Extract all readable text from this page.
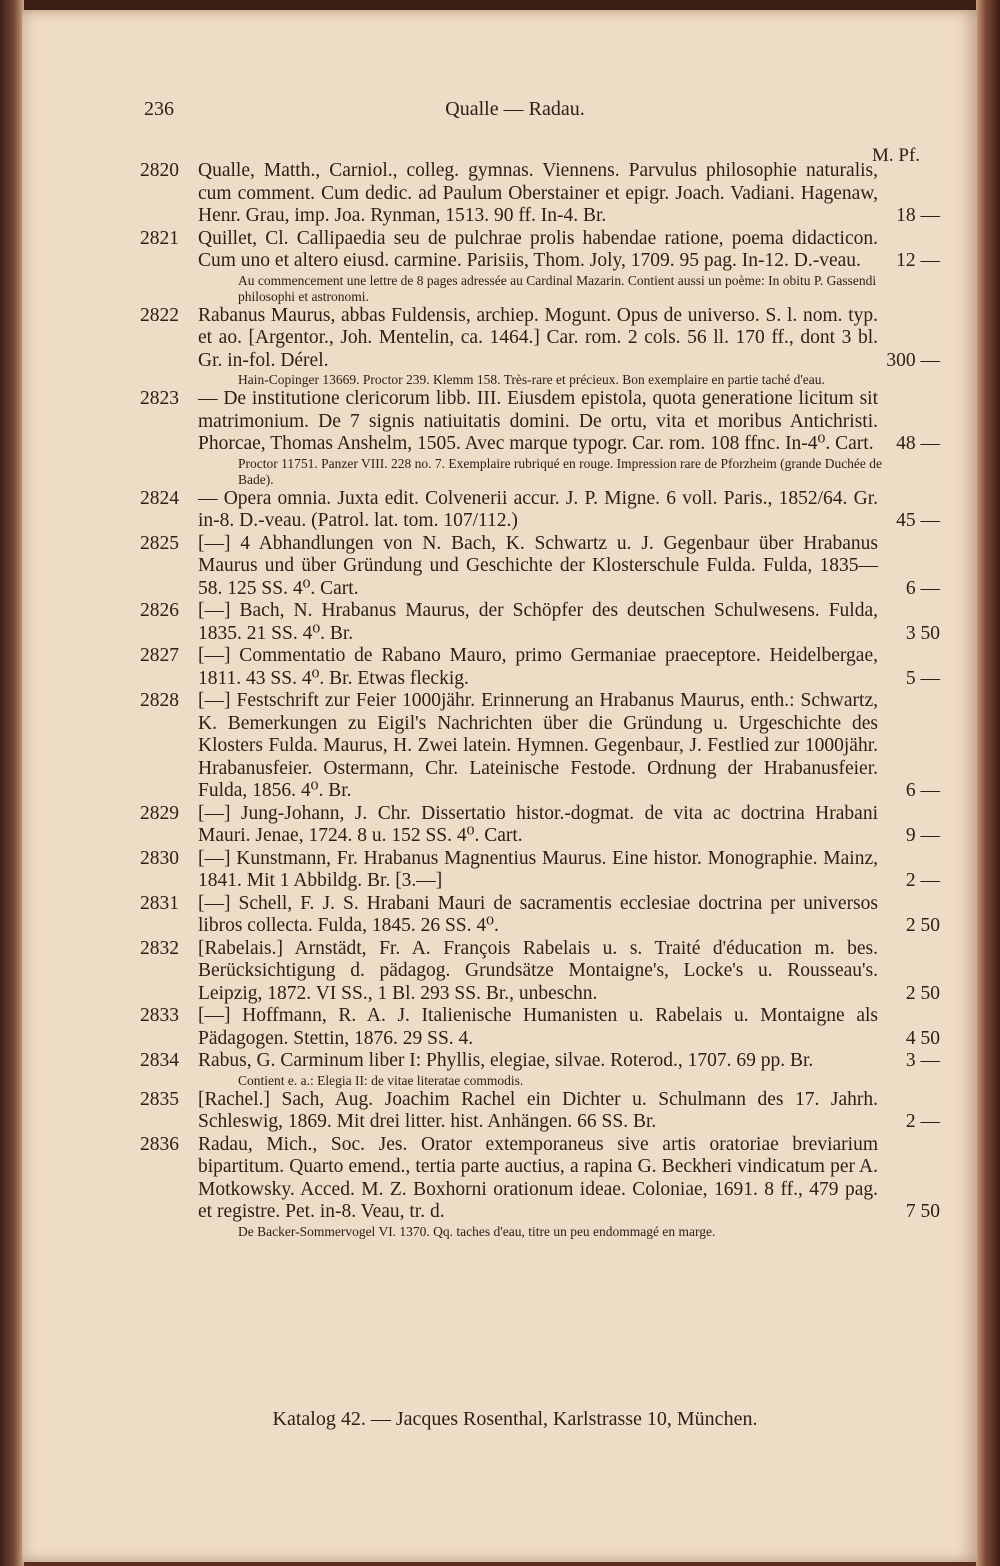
236	Qualle — Radau.
M. Pf.
2820 Qualle, Matth., Carniol., colleg. gymnas. Viennens. Parvulus philosophie naturalis, cum comment. Cum dedic. ad Paulum Oberstainer et epigr. Joach. Vadiani. Hagenaw, Henr. Grau, imp. Joa. Rynman, 1513. 90 ff. In-4. Br.	18 —
2821 Quillet, Cl. Callipaedia seu de pulchrae prolis habendae ratione, poema didacticon. Cum uno et altero eiusd. carmine. Parisiis, Thom. Joly, 1709. 95 pag. In-12. D.-veau.	12 —
Au commencement une lettre de 8 pages adressée au Cardinal Mazarin. Contient aussi un poème: In obitu P. Gassendi philosophi et astronomi.
2822 Rabanus Maurus, abbas Fuldensis, archiep. Mogunt. Opus de universo. S. l. nom. typ. et ao. [Argentor., Joh. Mentelin, ca. 1464.] Car. rom. 2 cols. 56 ll. 170 ff., dont 3 bl. Gr. in-fol. Dérel.	300 —
Hain-Copinger 13669. Proctor 239. Klemm 158. Très-rare et précieux. Bon exemplaire en partie taché d'eau.
2823 — De institutione clericorum libb. III. Eiusdem epistola, quota generatione licitum sit matrimonium. De 7 signis natiuitatis domini. De ortu, vita et moribus Antichristi. Phorcae, Thomas Anshelm, 1505. Avec marque typogr. Car. rom. 108 ffnc. In-4⁰. Cart.	48 —
Proctor 11751. Panzer VIII. 228 no. 7. Exemplaire rubriqué en rouge. Impression rare de Pforzheim (grande Duchée de Bade).
2824 — Opera omnia. Juxta edit. Colvenerii accur. J. P. Migne. 6 voll. Paris., 1852/64. Gr. in-8. D.-veau. (Patrol. lat. tom. 107/112.)	45 —
2825 [—] 4 Abhandlungen von N. Bach, K. Schwartz u. J. Gegenbaur über Hrabanus Maurus und über Gründung und Geschichte der Klosterschule Fulda. Fulda, 1835—58. 125 SS. 4⁰. Cart.	6 —
2826 [—] Bach, N. Hrabanus Maurus, der Schöpfer des deutschen Schulwesens. Fulda, 1835. 21 SS. 4⁰. Br.	3 50
2827 [—] Commentatio de Rabano Mauro, primo Germaniae praeceptore. Heidelbergae, 1811. 43 SS. 4⁰. Br. Etwas fleckig.	5 —
2828 [—] Festschrift zur Feier 1000jähr. Erinnerung an Hrabanus Maurus, enth.: Schwartz, K. Bemerkungen zu Eigil's Nachrichten über die Gründung u. Urgeschichte des Klosters Fulda. Maurus, H. Zwei latein. Hymnen. Gegenbaur, J. Festlied zur 1000jähr. Hrabanusfeier. Ostermann, Chr. Lateinische Festode. Ordnung der Hrabanusfeier. Fulda, 1856. 4⁰. Br.	6 —
2829 [—] Jung-Johann, J. Chr. Dissertatio histor.-dogmat. de vita ac doctrina Hrabani Mauri. Jenae, 1724. 8 u. 152 SS. 4⁰. Cart.	9 —
2830 [—] Kunstmann, Fr. Hrabanus Magnentius Maurus. Eine histor. Monographie. Mainz, 1841. Mit 1 Abbildg. Br. [3.—]	2 —
2831 [—] Schell, F. J. S. Hrabani Mauri de sacramentis ecclesiae doctrina per universos libros collecta. Fulda, 1845. 26 SS. 4⁰.	2 50
2832 [Rabelais.] Arnstädt, Fr. A. François Rabelais u. s. Traité d'éducation m. bes. Berücksichtigung d. pädagog. Grundsätze Montaigne's, Locke's u. Rousseau's. Leipzig, 1872. VI SS., 1 Bl. 293 SS. Br., unbeschn.	2 50
2833 [—] Hoffmann, R. A. J. Italienische Humanisten u. Rabelais u. Montaigne als Pädagogen. Stettin, 1876. 29 SS. 4.	4 50
2834 Rabus, G. Carminum liber I: Phyllis, elegiae, silvae. Roterod., 1707. 69 pp. Br.	3 —
Contient e. a.: Elegia II: de vitae literatae commodis.
2835 [Rachel.] Sach, Aug. Joachim Rachel ein Dichter u. Schulmann des 17. Jahrh. Schleswig, 1869. Mit drei litter. hist. Anhängen. 66 SS. Br.	2 —
2836 Radau, Mich., Soc. Jes. Orator extemporaneus sive artis oratoriae breviarium bipartitum. Quarto emend., tertia parte auctius, a rapina G. Beckheri vindicatum per A. Motkowsky. Acced. M. Z. Boxhorni orationum ideae. Coloniae, 1691. 8 ff., 479 pag. et registre. Pet. in-8. Veau, tr. d.	7 50
De Backer-Sommervogel VI. 1370. Qq. taches d'eau, titre un peu endommagé en marge.
Katalog 42. — Jacques Rosenthal, Karlstrasse 10, München.
